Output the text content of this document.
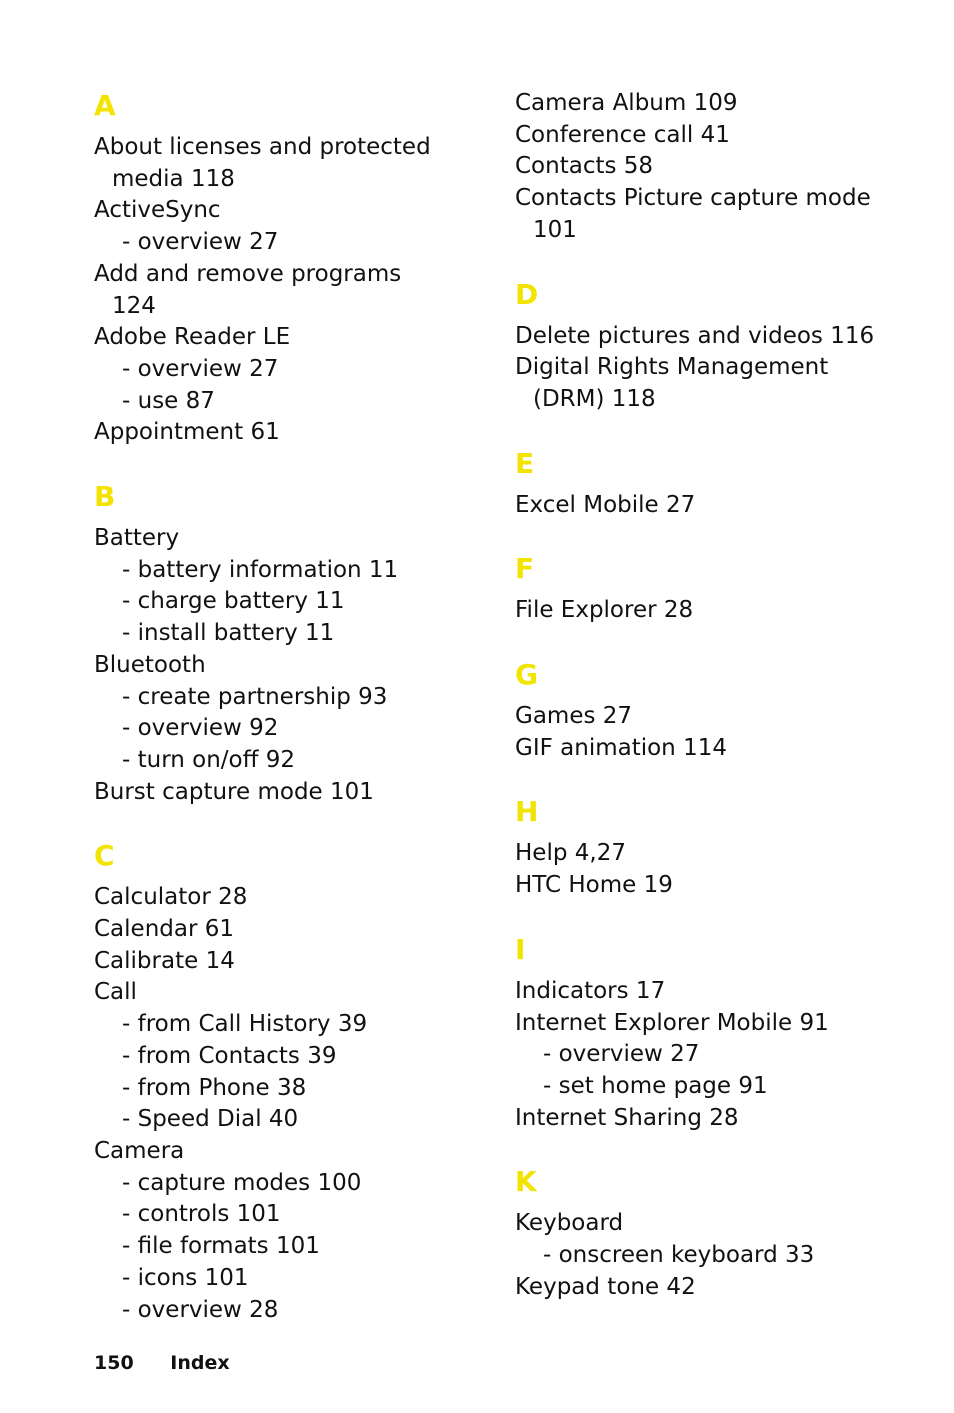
A
About licenses and protected
media 118
ActiveSync
- overview 27
Add and remove programs
124
Adobe Reader LE
- overview 27
- use 87
Appointment 61
B
Battery
- battery information 11
- charge battery 11
- install battery 11
Bluetooth
- create partnership 93
- overview 92
- turn on/off 92
Burst capture mode 101
C
Calculator 28
Calendar 61
Calibrate 14
Call
- from Call History 39
- from Contacts 39
- from Phone 38
- Speed Dial 40
Camera
- capture modes 100
- controls 101
- file formats 101
- icons 101
- overview 28
Camera Album 109
Conference call 41
Contacts 58
Contacts Picture capture mode
101
D
Delete pictures and videos 116
Digital Rights Management
(DRM) 118
E
Excel Mobile 27
F
File Explorer 28
G
Games 27
GIF animation 114
H
Help 4,27
HTC Home 19
I
Indicators 17
Internet Explorer Mobile 91
- overview 27
- set home page 91
Internet Sharing 28
K
Keyboard
- onscreen keyboard 33
Keypad tone 42
150 Index
